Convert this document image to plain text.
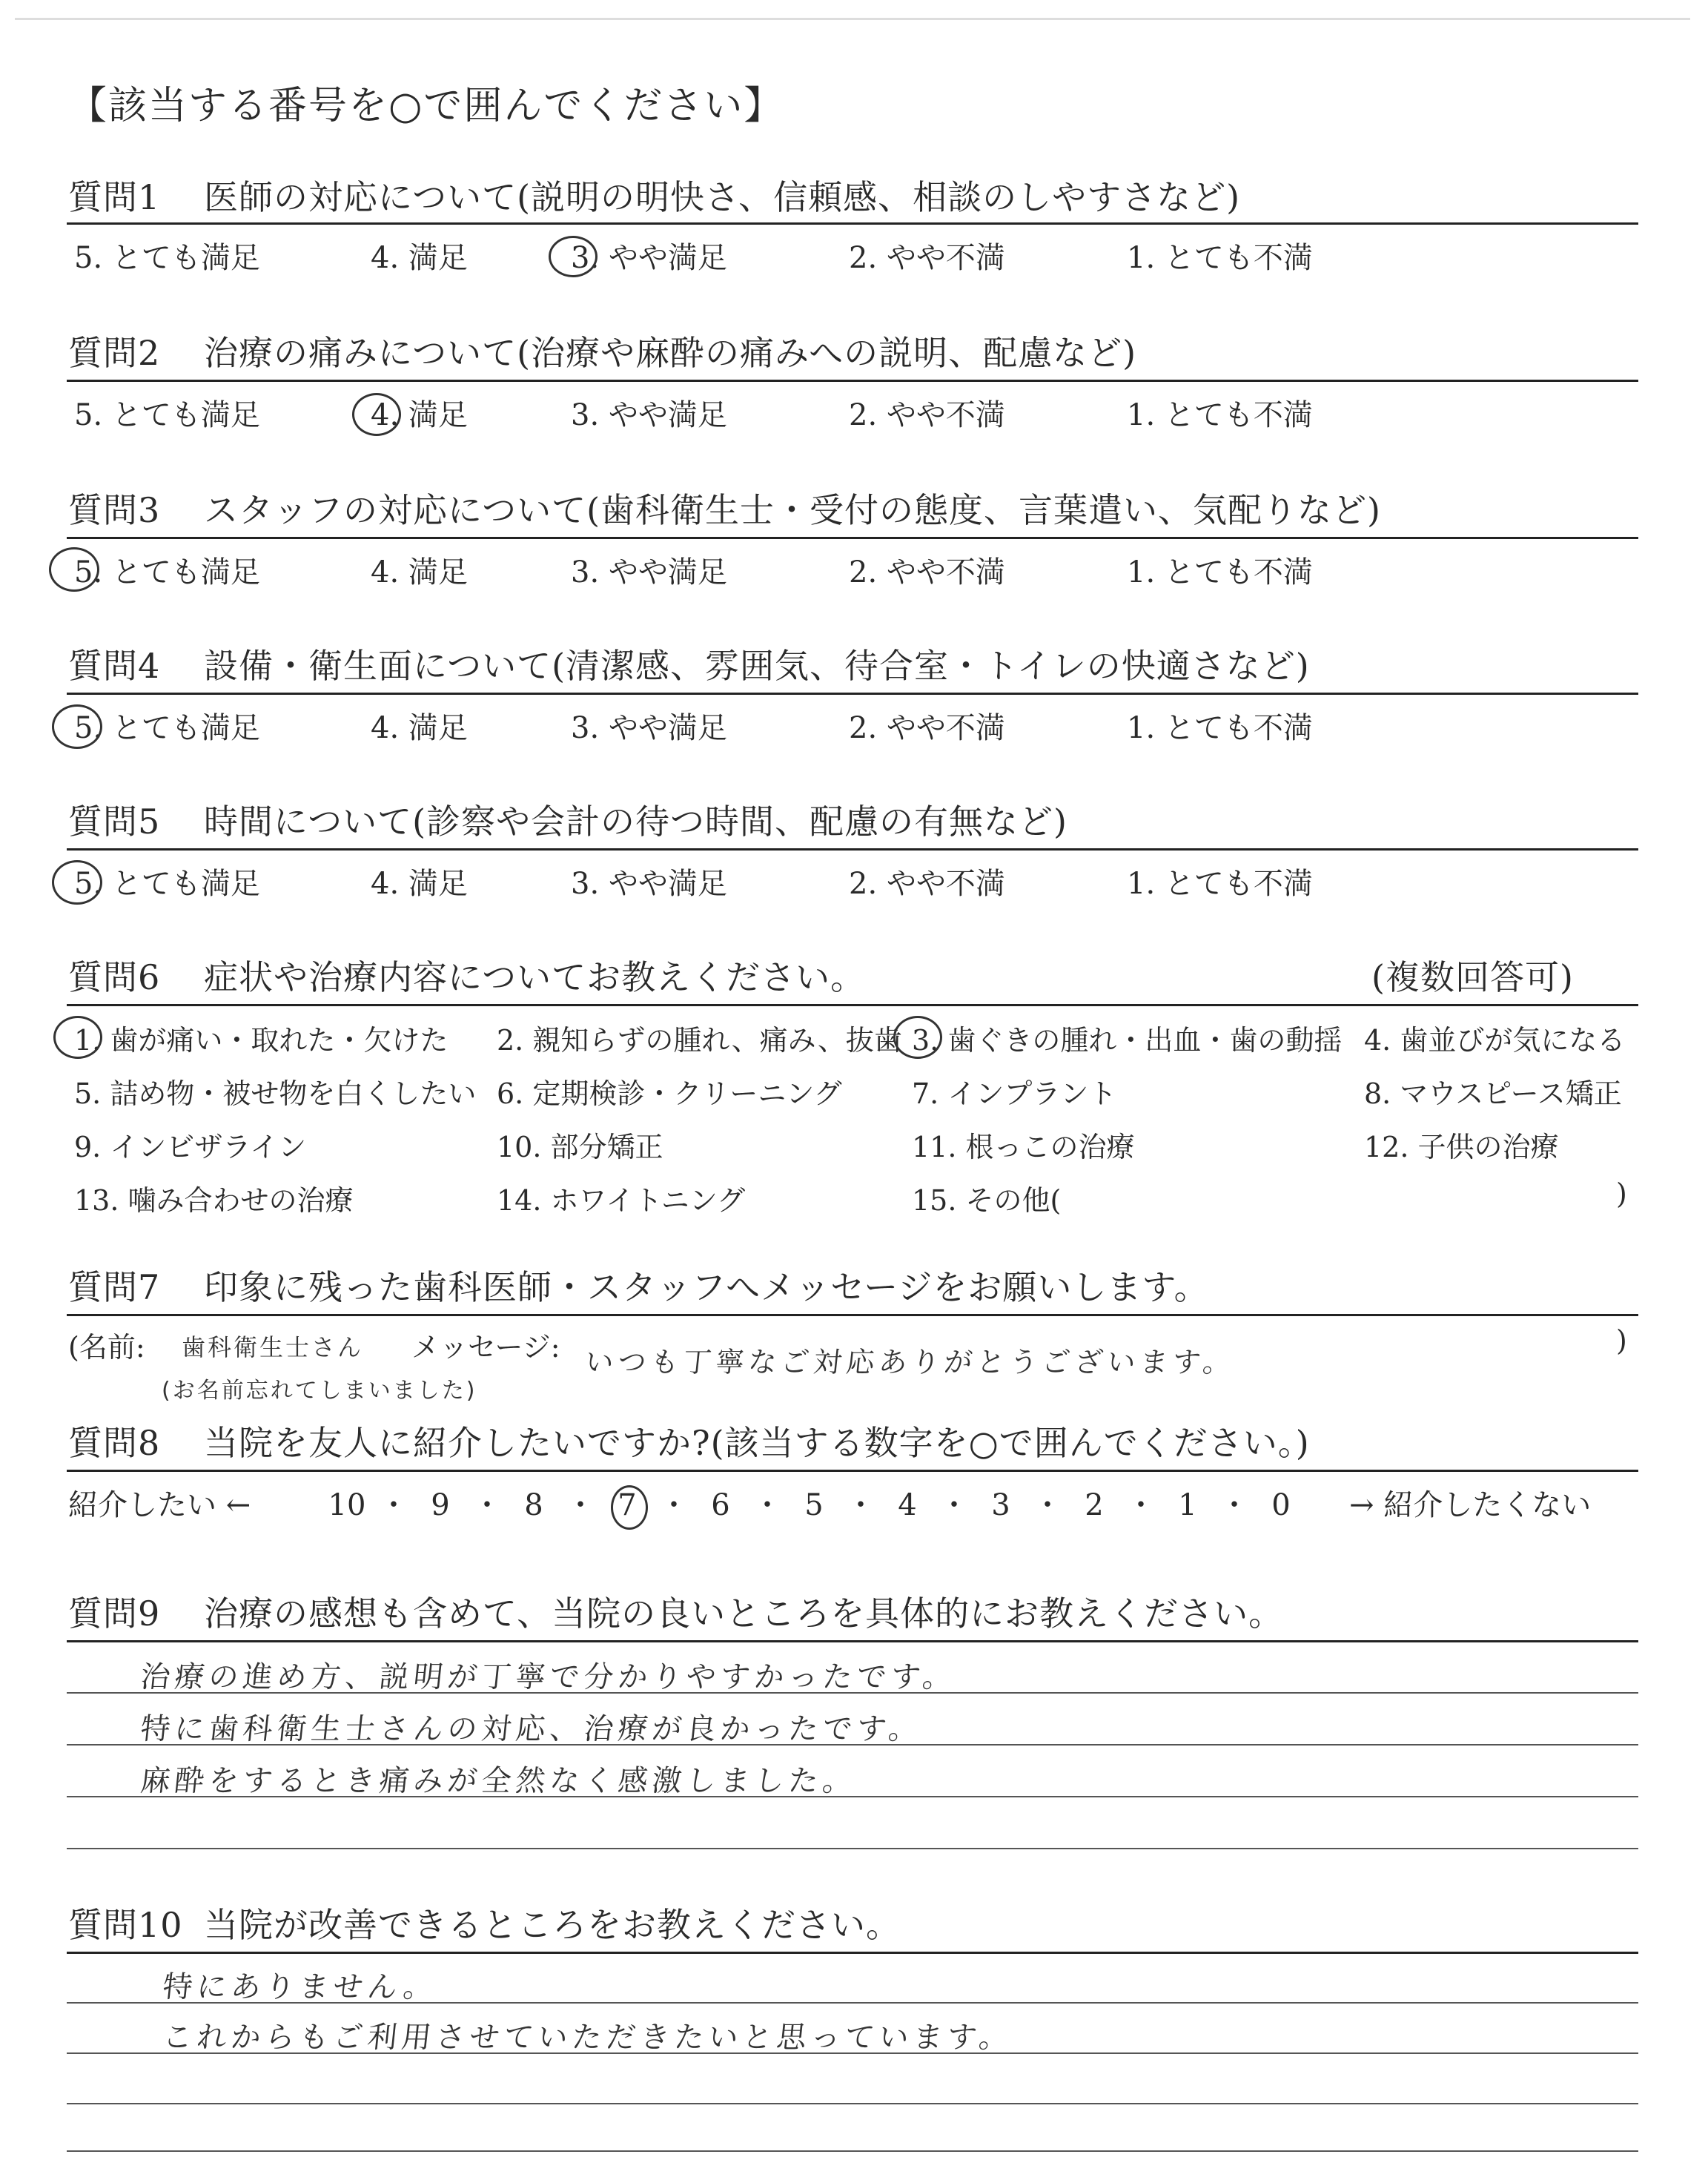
【該当する番号を○で囲んでください】
質問1 医師の対応について(説明の明快さ、信頼感、相談のしやすさなど)
5. とても満足	4. 満足	3. やや満足	2. やや不満	1. とても不満
質問2 治療の痛みについて(治療や麻酔の痛みへの説明、配慮など)
5. とても満足	4. 満足	3. やや満足	2. やや不満	1. とても不満
質問3 スタッフの対応について(歯科衛生士・受付の態度、言葉遣い、気配りなど)
5. とても満足	4. 満足	3. やや満足	2. やや不満	1. とても不満
質問4 設備・衛生面について(清潔感、雰囲気、待合室・トイレの快適さなど)
5. とても満足	4. 満足	3. やや満足	2. やや不満	1. とても不満
質問5 時間について(診察や会計の待つ時間、配慮の有無など)
5. とても満足	4. 満足	3. やや満足	2. やや不満	1. とても不満
質問6 症状や治療内容についてお教えください。	(複数回答可)
1. 歯が痛い・取れた・欠けた 2. 親知らずの腫れ、痛み、抜歯 3. 歯ぐきの腫れ・出血・歯の動揺 4. 歯並びが気になる
5. 詰め物・被せ物を白くしたい 6. 定期検診・クリーニング 7. インプラント	8. マウスピース矯正
9. インビザライン	10. 部分矯正	11. 根っこの治療	12. 子供の治療
13. 噛み合わせの治療	14. ホワイトニング	15. その他(	)
質問7 印象に残った歯科医師・スタッフへメッセージをお願いします。
(名前: 歯科衛生士さん メッセージ: いつも丁寧なご対応ありがとうございます。
)
(お名前忘れてしまいました)
質問8 当院を友人に紹介したいですか?(該当する数字を○で囲んでください。)
紹介したい ←	10 ・ 9 ・ 8 ・ 7 ・ 6 ・ 5 ・ 4 ・ 3 ・ 2 ・ 1 ・ 0	→ 紹介したくない
質問9 治療の感想も含めて、当院の良いところを具体的にお教えください。
治療の進め方、説明が丁寧で分かりやすかったです。
特に歯科衛生士さんの対応、治療が良かったです。
麻酔をするとき痛みが全然なく感激しました。
質問10 当院が改善できるところをお教えください。
特にありません。
これからもご利用させていただきたいと思っています。
